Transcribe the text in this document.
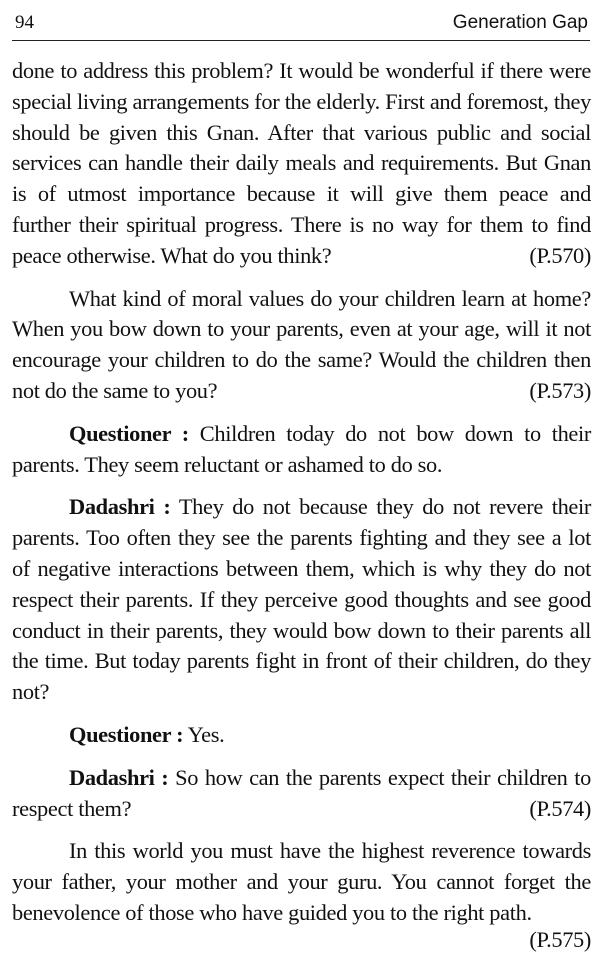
94	Generation Gap

done to address this problem? It would be wonderful if there were special living arrangements for the elderly. First and foremost, they should be given this Gnan. After that various public and social services can handle their daily meals and requirements. But Gnan is of utmost importance because it will give them peace and further their spiritual progress. There is no way for them to find peace otherwise. What do you think?	(P.570)

What kind of moral values do your children learn at home? When you bow down to your parents, even at your age, will it not encourage your children to do the same? Would the children then not do the same to you?	(P.573)

Questioner : Children today do not bow down to their parents. They seem reluctant or ashamed to do so.

Dadashri : They do not because they do not revere their parents. Too often they see the parents fighting and they see a lot of negative interactions between them, which is why they do not respect their parents. If they perceive good thoughts and see good conduct in their parents, they would bow down to their parents all the time. But today parents fight in front of their children, do they not?

Questioner : Yes.

Dadashri : So how can the parents expect their children to respect them?	(P.574)

In this world you must have the highest reverence towards your father, your mother and your guru. You cannot forget the benevolence of those who have guided you to the right path.

(P.575)
